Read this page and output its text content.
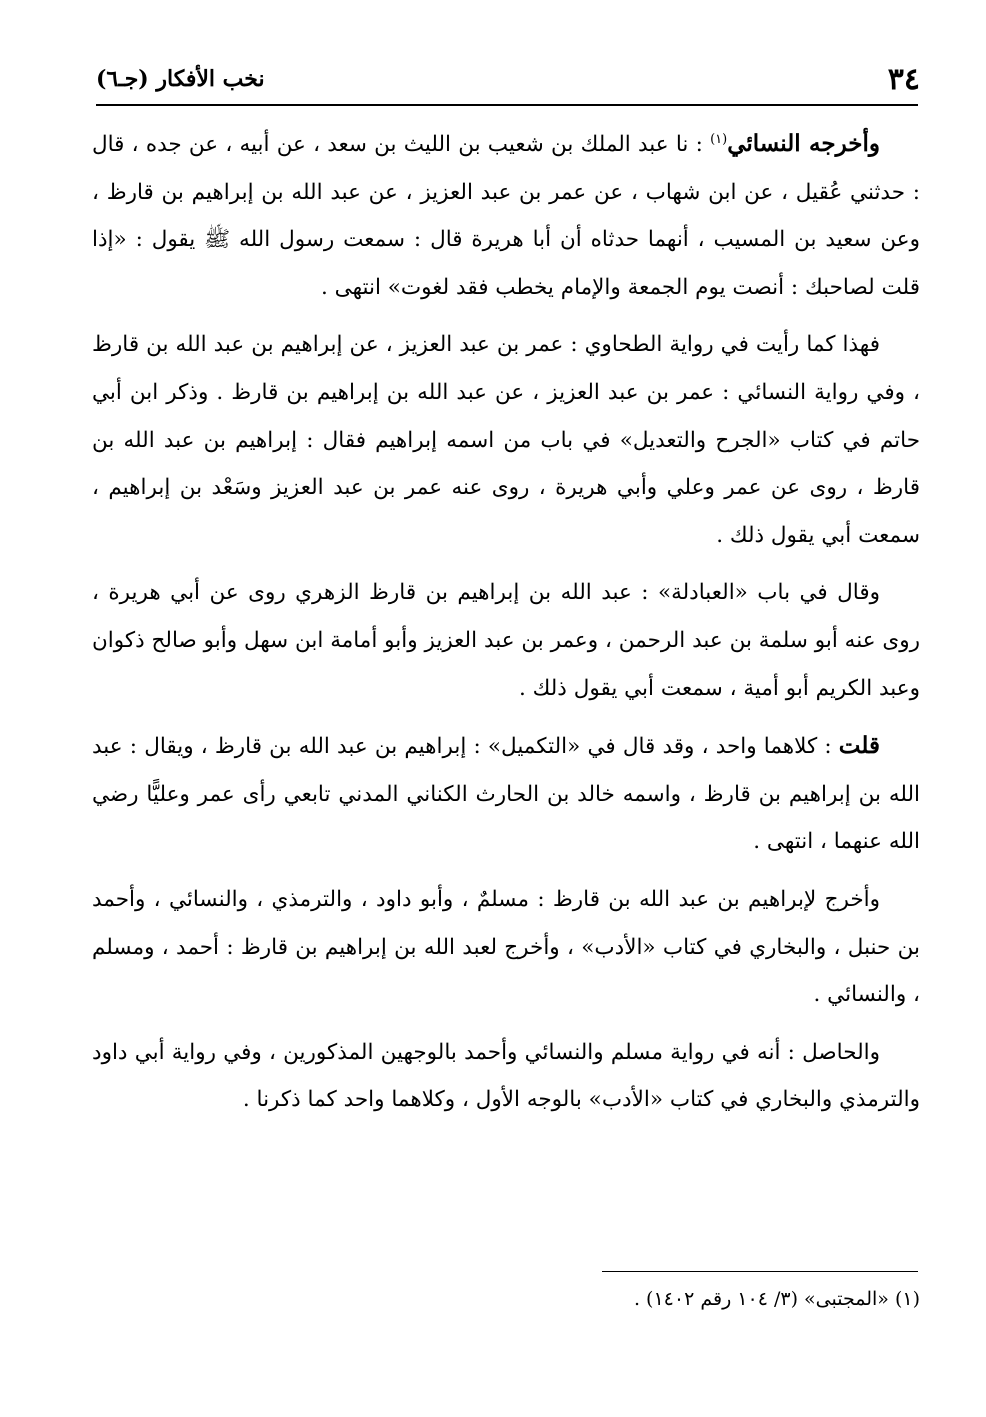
٣٤
نخب الأفكار (جـ٦)

وأخرجه النسائي$^{(١)}$ : نا عبد الملك بن شعيب بن الليث بن سعد ، عن أبيه ، عن جده ، قال : حدثني عُقيل ، عن ابن شهاب ، عن عمر بن عبد العزيز ، عن عبد الله بن إبراهيم بن قارظ ، وعن سعيد بن المسيب ، أنهما حدثاه أن أبا هريرة قال : سمعت رسول الله ﷺ يقول : «إذا قلت لصاحبك : أنصت يوم الجمعة والإمام يخطب فقد لغوت» انتهى .

فهذا كما رأيت في رواية الطحاوي : عمر بن عبد العزيز ، عن إبراهيم بن عبد الله بن قارظ ، وفي رواية النسائي : عمر بن عبد العزيز ، عن عبد الله بن إبراهيم بن قارظ . وذكر ابن أبي حاتم في كتاب «الجرح والتعديل» في باب من اسمه إبراهيم فقال : إبراهيم بن عبد الله بن قارظ ، روى عن عمر وعلي وأبي هريرة ، روى عنه عمر بن عبد العزيز وسَعْد بن إبراهيم ، سمعت أبي يقول ذلك .

وقال في باب «العبادلة» : عبد الله بن إبراهيم بن قارظ الزهري روى عن أبي هريرة ، روى عنه أبو سلمة بن عبد الرحمن ، وعمر بن عبد العزيز وأبو أمامة ابن سهل وأبو صالح ذكوان وعبد الكريم أبو أمية ، سمعت أبي يقول ذلك .

قلت : كلاهما واحد ، وقد قال في «التكميل» : إبراهيم بن عبد الله بن قارظ ، ويقال : عبد الله بن إبراهيم بن قارظ ، واسمه خالد بن الحارث الكناني المدني تابعي رأى عمر وعليًّا رضي الله عنهما ، انتهى .

وأخرج لإبراهيم بن عبد الله بن قارظ : مسلمٌ ، وأبو داود ، والترمذي ، والنسائي ، وأحمد بن حنبل ، والبخاري في كتاب «الأدب» ، وأخرج لعبد الله بن إبراهيم بن قارظ : أحمد ، ومسلم ، والنسائي .

والحاصل : أنه في رواية مسلم والنسائي وأحمد بالوجهين المذكورين ، وفي رواية أبي داود والترمذي والبخاري في كتاب «الأدب» بالوجه الأول ، وكلاهما واحد كما ذكرنا .

(١) «المجتبى» (٣/ ١٠٤ رقم ١٤٠٢) .
